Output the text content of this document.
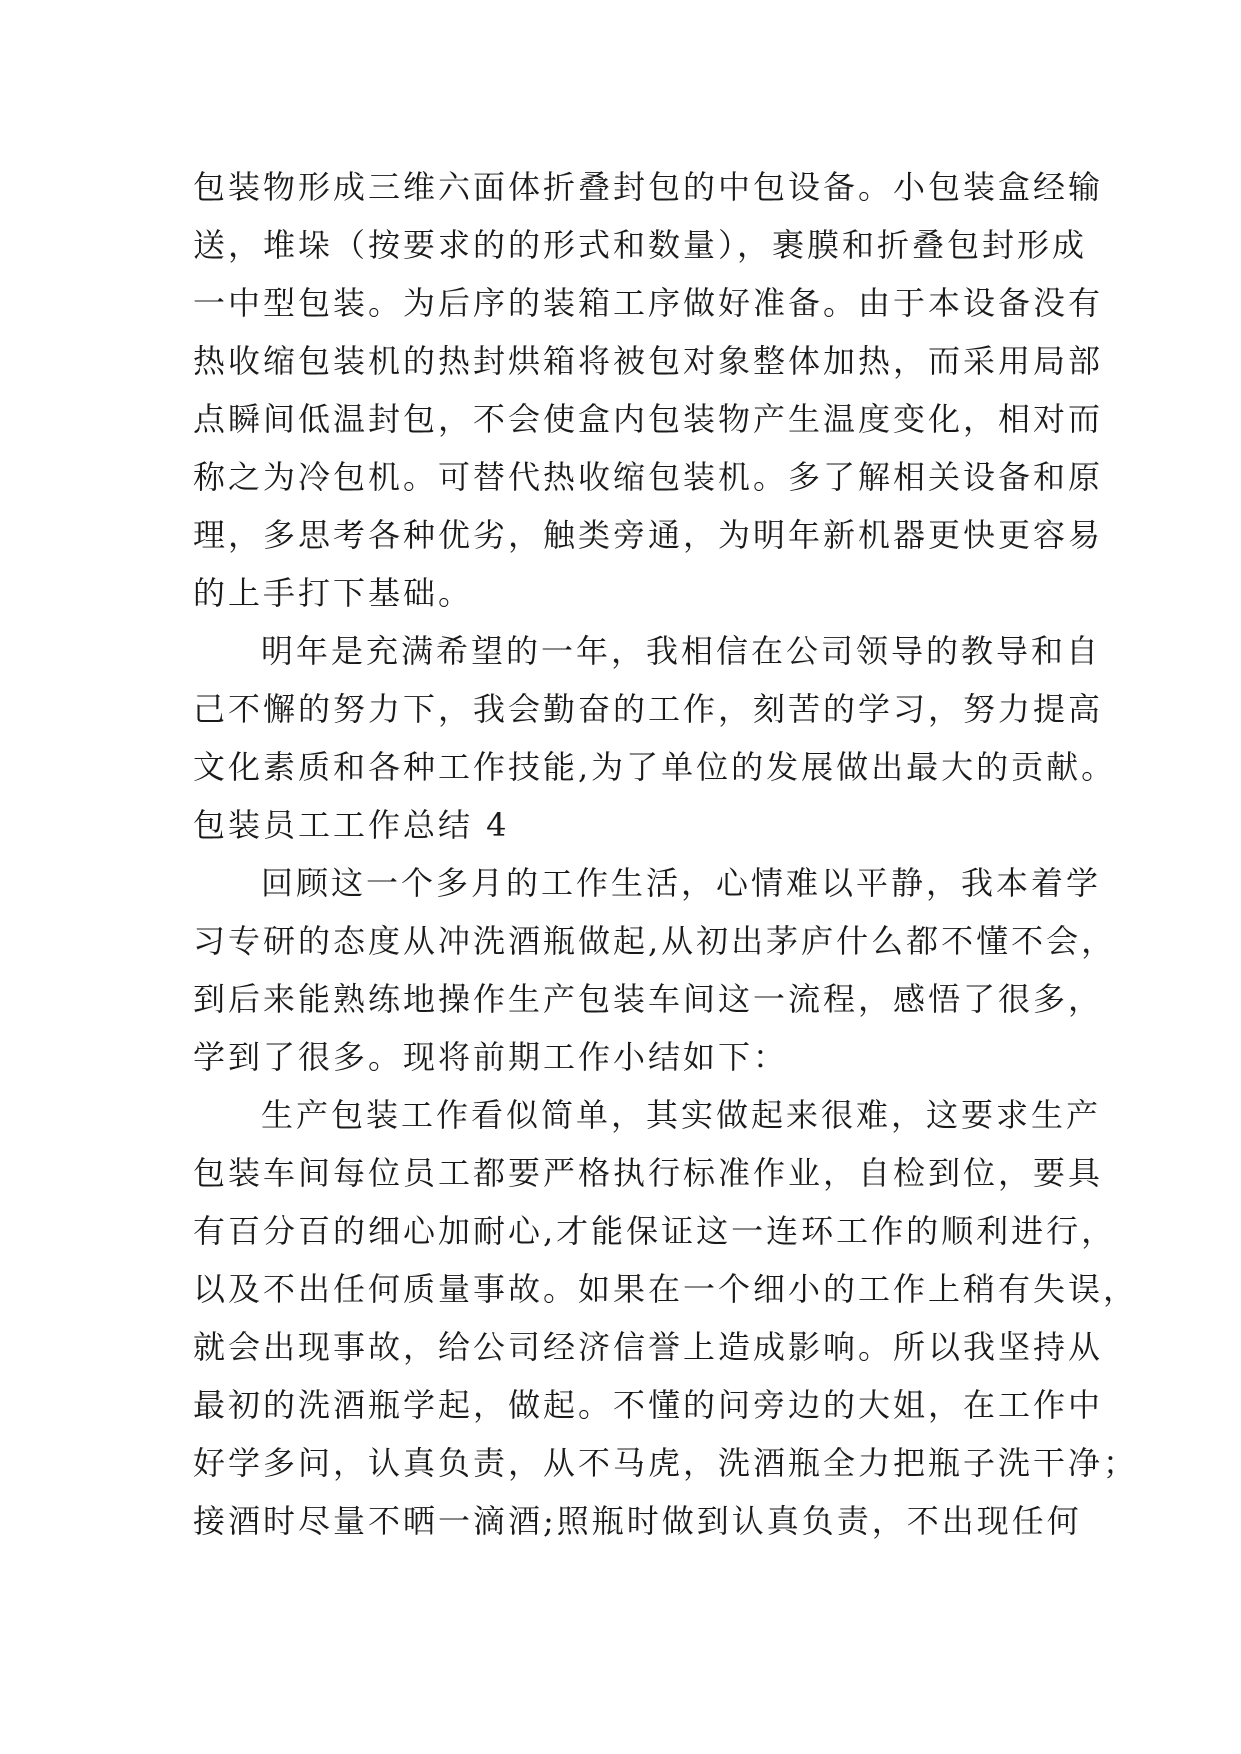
包装物形成三维六面体折叠封包的中包设备。小包装盒经输
送，堆垛（按要求的的形式和数量），裹膜和折叠包封形成
一中型包装。为后序的装箱工序做好准备。由于本设备没有
热收缩包装机的热封烘箱将被包对象整体加热，而采用局部
点瞬间低温封包，不会使盒内包装物产生温度变化，相对而
称之为冷包机。可替代热收缩包装机。多了解相关设备和原
理，多思考各种优劣，触类旁通，为明年新机器更快更容易
的上手打下基础。
明年是充满希望的一年，我相信在公司领导的教导和自
己不懈的努力下，我会勤奋的工作，刻苦的学习，努力提高
文化素质和各种工作技能,为了单位的发展做出最大的贡献。
包装员工工作总结 4
回顾这一个多月的工作生活，心情难以平静，我本着学
习专研的态度从冲洗酒瓶做起,从初出茅庐什么都不懂不会，
到后来能熟练地操作生产包装车间这一流程，感悟了很多，
学到了很多。现将前期工作小结如下：
生产包装工作看似简单，其实做起来很难，这要求生产
包装车间每位员工都要严格执行标准作业，自检到位，要具
有百分百的细心加耐心,才能保证这一连环工作的顺利进行，
以及不出任何质量事故。如果在一个细小的工作上稍有失误，
就会出现事故，给公司经济信誉上造成影响。所以我坚持从
最初的洗酒瓶学起，做起。不懂的问旁边的大姐，在工作中
好学多问，认真负责，从不马虎，洗酒瓶全力把瓶子洗干净；
接酒时尽量不晒一滴酒;照瓶时做到认真负责，不出现任何
